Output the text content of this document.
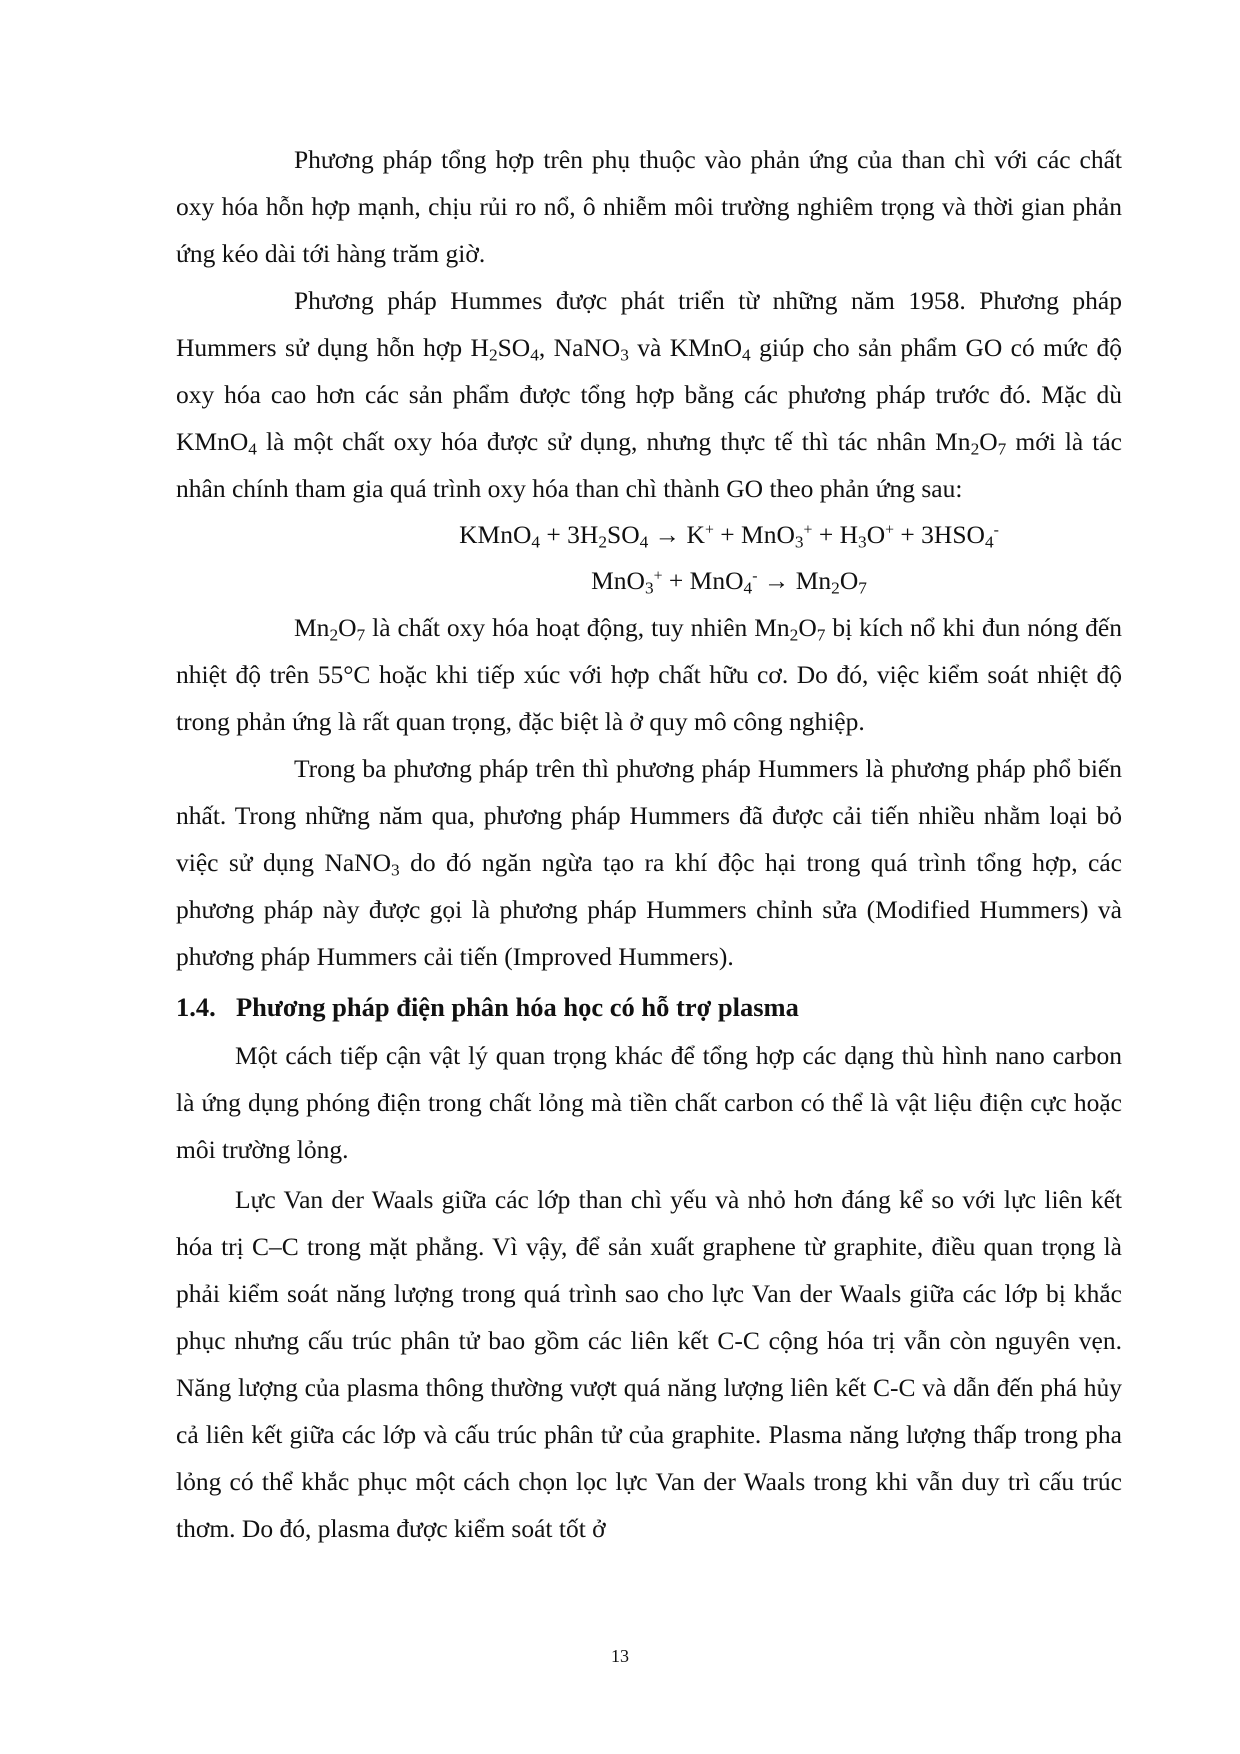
Phương pháp tổng hợp trên phụ thuộc vào phản ứng của than chì với các chất oxy hóa hỗn hợp mạnh, chịu rủi ro nổ, ô nhiễm môi trường nghiêm trọng và thời gian phản ứng kéo dài tới hàng trăm giờ.

Phương pháp Hummes được phát triển từ những năm 1958. Phương pháp Hummers sử dụng hỗn hợp $H_2SO_4$, NaNO$_3$ và KMnO$_4$ giúp cho sản phẩm GO có mức độ oxy hóa cao hơn các sản phẩm được tổng hợp bằng các phương pháp trước đó. Mặc dù KMnO$_4$ là một chất oxy hóa được sử dụng, nhưng thực tế thì tác nhân $Mn_2O_7$ mới là tác nhân chính tham gia quá trình oxy hóa than chì thành GO theo phản ứng sau:

KMnO$_4$ + $3H_2SO_4 \to K^+ + MnO_3^+ + H_3O^+ + 3HSO_4^-$

$MnO_3^+ + MnO_4^- \to Mn_2O_7$

$Mn_2O_7$ là chất oxy hóa hoạt động, tuy nhiên $Mn_2O_7$ bị kích nổ khi đun nóng đến nhiệt độ trên 55°C hoặc khi tiếp xúc với hợp chất hữu cơ. Do đó, việc kiểm soát nhiệt độ trong phản ứng là rất quan trọng, đặc biệt là ở quy mô công nghiệp.

Trong ba phương pháp trên thì phương pháp Hummers là phương pháp phổ biến nhất. Trong những năm qua, phương pháp Hummers đã được cải tiến nhiều nhằm loại bỏ việc sử dụng NaNO$_3$ do đó ngăn ngừa tạo ra khí độc hại trong quá trình tổng hợp, các phương pháp này được gọi là phương pháp Hummers chỉnh sửa (Modified Hummers) và phương pháp Hummers cải tiến (Improved Hummers).

1.4. Phương pháp điện phân hóa học có hỗ trợ plasma

Một cách tiếp cận vật lý quan trọng khác để tổng hợp các dạng thù hình nano carbon là ứng dụng phóng điện trong chất lỏng mà tiền chất carbon có thể là vật liệu điện cực hoặc môi trường lỏng.

Lực Van der Waals giữa các lớp than chì yếu và nhỏ hơn đáng kể so với lực liên kết hóa trị C–C trong mặt phẳng. Vì vậy, để sản xuất graphene từ graphite, điều quan trọng là phải kiểm soát năng lượng trong quá trình sao cho lực Van der Waals giữa các lớp bị khắc phục nhưng cấu trúc phân tử bao gồm các liên kết C-C cộng hóa trị vẫn còn nguyên vẹn. Năng lượng của plasma thông thường vượt quá năng lượng liên kết C-C và dẫn đến phá hủy cả liên kết giữa các lớp và cấu trúc phân tử của graphite. Plasma năng lượng thấp trong pha lỏng có thể khắc phục một cách chọn lọc lực Van der Waals trong khi vẫn duy trì cấu trúc thơm. Do đó, plasma được kiểm soát tốt ở

13
